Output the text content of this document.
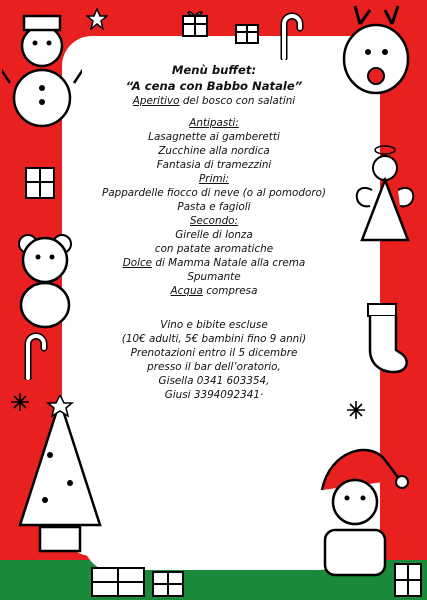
Menù buffet:
“A cena con Babbo Natale”
Aperitivo del bosco con salatini
Antipasti:
Lasagnette ai gamberetti
Zucchine alla nordica
Fantasia di tramezzini
Primi:
Pappardelle fiocco di neve (o al pomodoro)
Pasta e fagioli
Secondo:
Girelle di lonza
con patate aromatiche
Dolce di Mamma Natale alla crema
Spumante
Acqua compresa
Vino e bibite escluse
(10€ adulti, 5€ bambini fino 9 anni)
Prenotazioni entro il 5 dicembre
presso il bar dell’oratorio,
Gisella 0341 603354,
Giusi 3394092341·
